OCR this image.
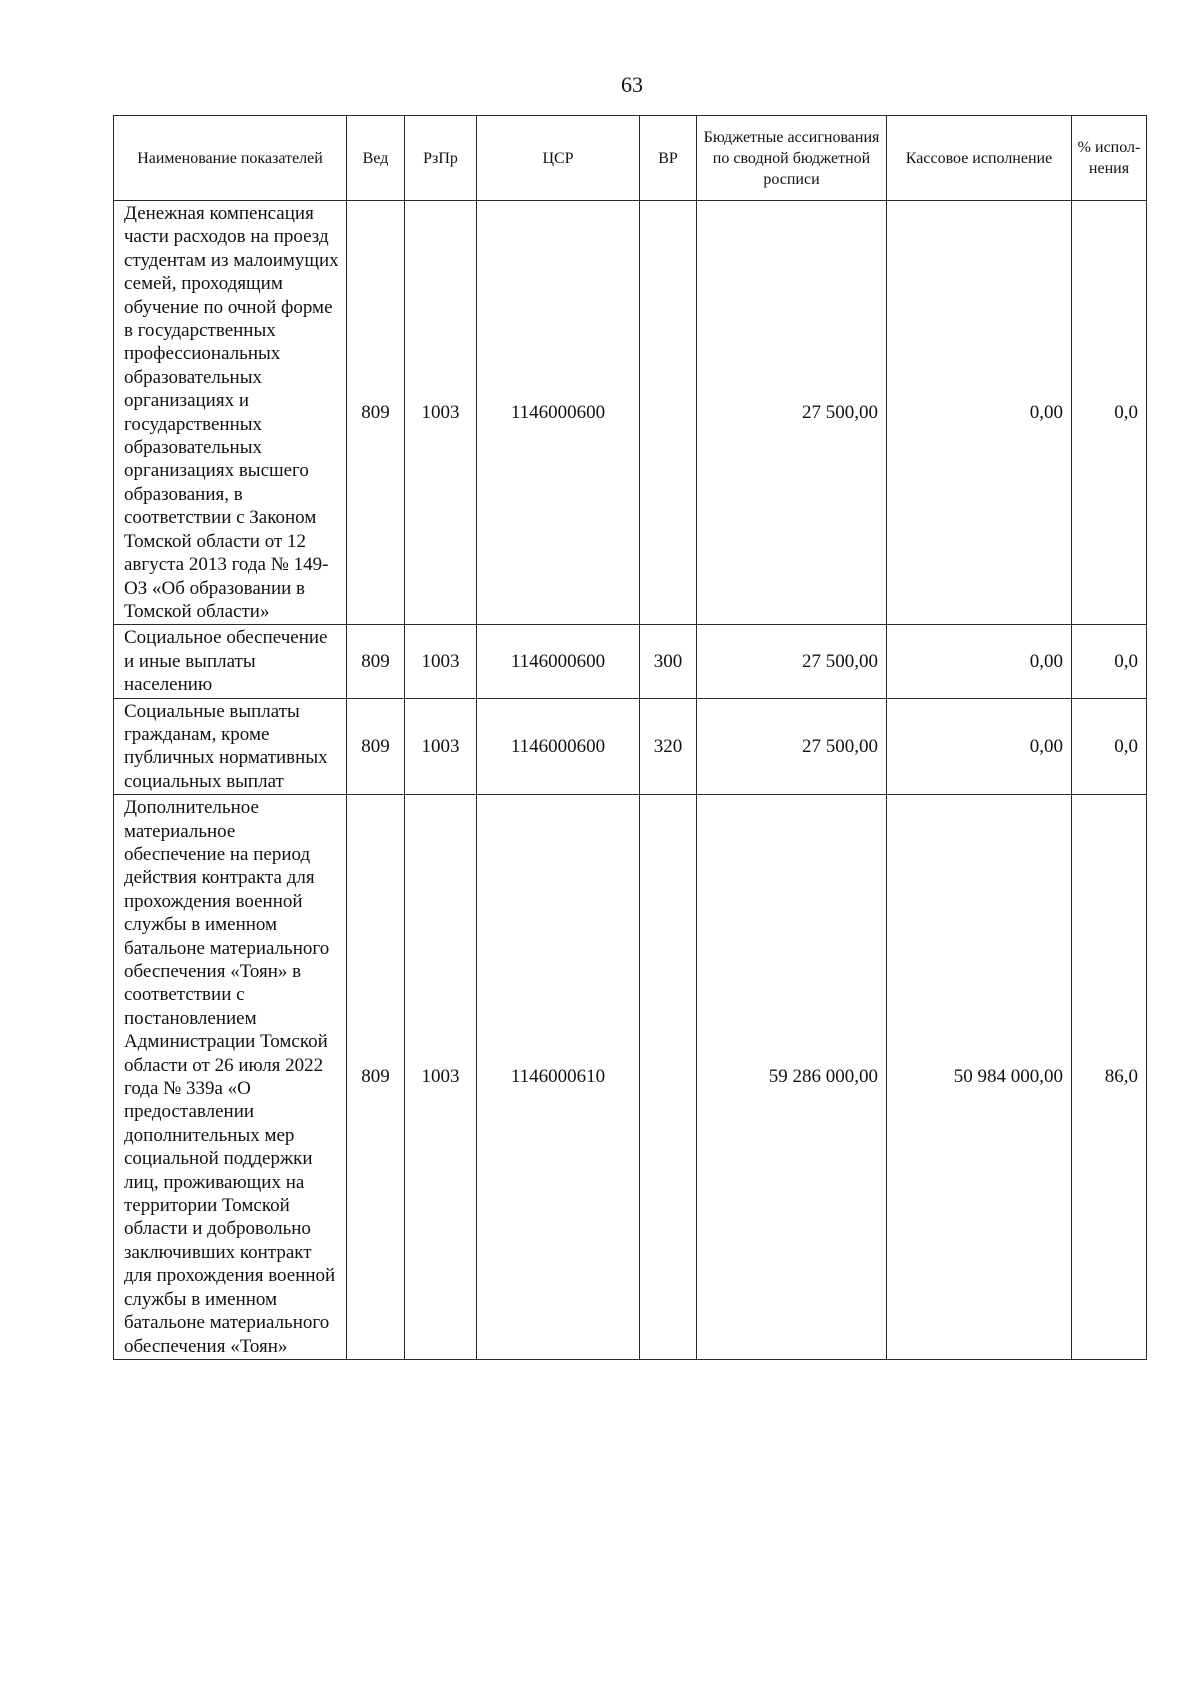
63
Наименование показателей	Вед	РзПр	ЦСР	ВР	Бюджетные ассигнования по сводной бюджетной росписи	Кассовое исполнение	% испол-нения
Денежная компенсация части расходов на проезд студентам из малоимущих семей, проходящим обучение по очной форме в государственных профессиональных образовательных организациях и государственных образовательных организациях высшего образования, в соответствии с Законом Томской области от 12 августа 2013 года № 149-ОЗ «Об образовании в Томской области»	809	1003	1146000600		27 500,00	0,00	0,0
Социальное обеспечение и иные выплаты населению	809	1003	1146000600	300	27 500,00	0,00	0,0
Социальные выплаты гражданам, кроме публичных нормативных социальных выплат	809	1003	1146000600	320	27 500,00	0,00	0,0
Дополнительное материальное обеспечение на период действия контракта для прохождения военной службы в именном батальоне материального обеспечения «Тоян» в соответствии с постановлением Администрации Томской области от 26 июля 2022 года № 339а «О предоставлении дополнительных мер социальной поддержки лиц, проживающих на территории Томской области и добровольно заключивших контракт для прохождения военной службы в именном батальоне материального обеспечения «Тоян»	809	1003	1146000610		59 286 000,00	50 984 000,00	86,0
